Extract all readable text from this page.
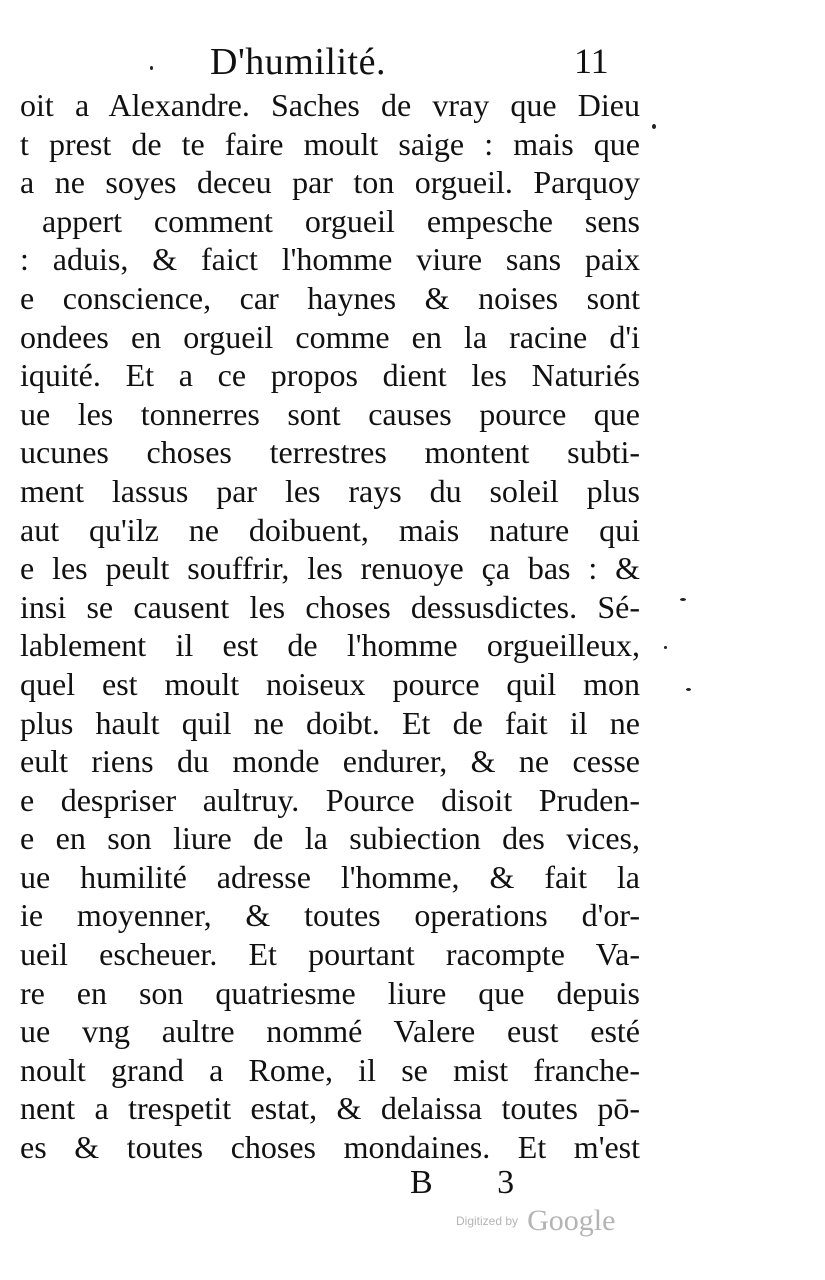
D'humilité.	11
oit a Alexandre. Saches de vray que Dieu
t prest de te faire moult saige : mais que
a ne soyes deceu par ton orgueil. Parquoy
appert comment orgueil empesche sens
: aduis, & faict l'homme viure sans paix
e conscience, car haynes & noises sont
ondees en orgueil comme en la racine d'i
iquité. Et a ce propos dient les Naturiés
ue les tonnerres sont causes pource que
ucunes choses terrestres montent subti-
ment lassus par les rays du soleil plus
aut qu'ilz ne doibuent, mais nature qui
e les peult souffrir, les renuoye ça bas : &
insi se causent les choses dessusdictes. Sé-
lablement il est de l'homme orgueilleux,
quel est moult noiseux pource quil mon
plus hault quil ne doibt. Et de fait il ne
eult riens du monde endurer, & ne cesse
e despriser aultruy. Pource disoit Pruden-
e en son liure de la subiection des vices,
ue humilité adresse l'homme, & fait la
ie moyenner, & toutes operations d'or-
ueil escheuer. Et pourtant racompte Va-
re en son quatriesme liure que depuis
ue vng aultre nommé Valere eust esté
noult grand a Rome, il se mist franche-
nent a trespetit estat, & delaissa toutes pō-
es & toutes choses mondaines. Et m'est
B 3
Digitized by Google
